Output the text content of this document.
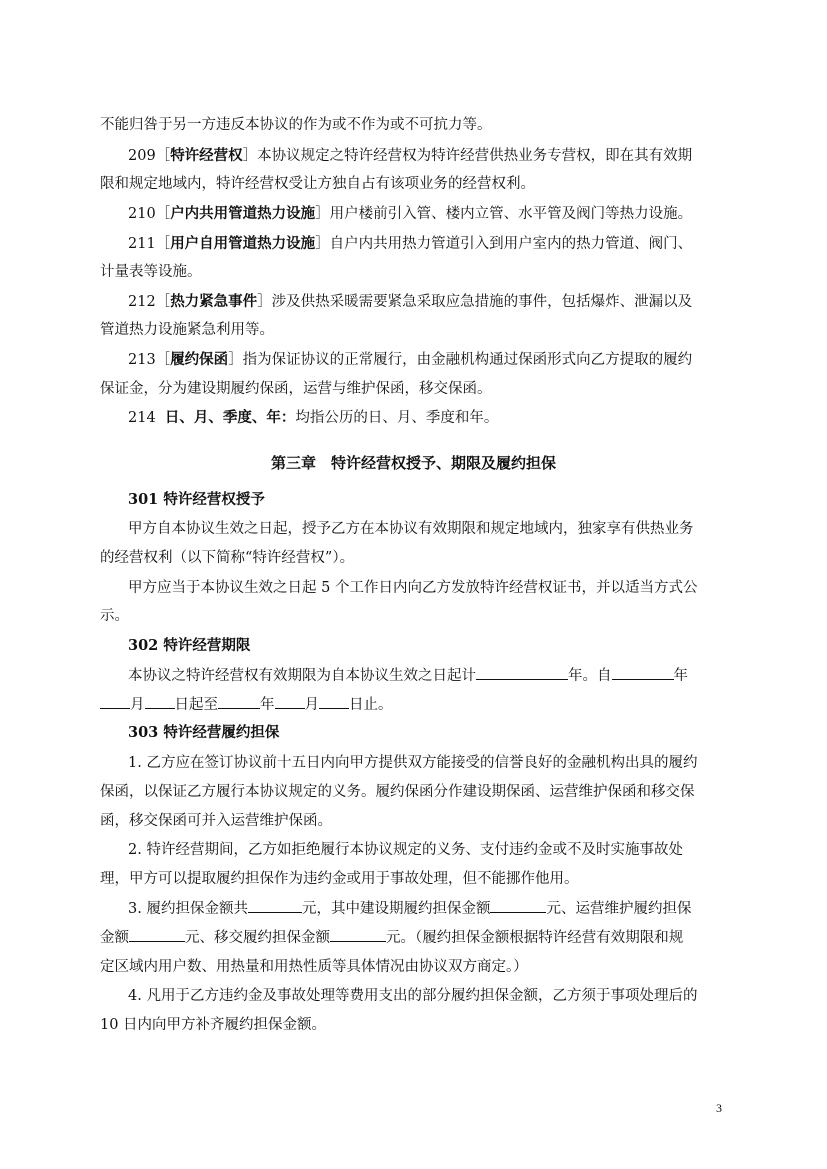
不能归咎于另一方违反本协议的作为或不作为或不可抗力等。
209［特许经营权］本协议规定之特许经营权为特许经营供热业务专营权，即在其有效期
限和规定地域内，特许经营权受让方独自占有该项业务的经营权利。
210［户内共用管道热力设施］用户楼前引入管、楼内立管、水平管及阀门等热力设施。
211［用户自用管道热力设施］自户内共用热力管道引入到用户室内的热力管道、阀门、
计量表等设施。
212［热力紧急事件］涉及供热采暖需要紧急采取应急措施的事件，包括爆炸、泄漏以及
管道热力设施紧急利用等。
213［履约保函］指为保证协议的正常履行，由金融机构通过保函形式向乙方提取的履约
保证金，分为建设期履约保函，运营与维护保函，移交保函。
214 日、月、季度、年：均指公历的日、月、季度和年。
第三章　特许经营权授予、期限及履约担保
301 特许经营权授予
甲方自本协议生效之日起，授予乙方在本协议有效期限和规定地域内，独家享有供热业务
的经营权利（以下简称“特许经营权”）。
甲方应当于本协议生效之日起 5 个工作日内向乙方发放特许经营权证书，并以适当方式公
示。
302 特许经营期限
本协议之特许经营权有效期限为自本协议生效之日起计	年。自	年
月 日起至	年 月 日止。
303 特许经营履约担保
1. 乙方应在签订协议前十五日内向甲方提供双方能接受的信誉良好的金融机构出具的履约
保函，以保证乙方履行本协议规定的义务。履约保函分作建设期保函、运营维护保函和移交保
函，移交保函可并入运营维护保函。
2. 特许经营期间，乙方如拒绝履行本协议规定的义务、支付违约金或不及时实施事故处
理，甲方可以提取履约担保作为违约金或用于事故处理，但不能挪作他用。
3. 履约担保金额共	元，其中建设期履约担保金额	元、运营维护履约担保
金额	元、移交履约担保金额	元。（履约担保金额根据特许经营有效期限和规
定区域内用户数、用热量和用热性质等具体情况由协议双方商定。）
4. 凡用于乙方违约金及事故处理等费用支出的部分履约担保金额，乙方须于事项处理后的
10 日内向甲方补齐履约担保金额。
3
